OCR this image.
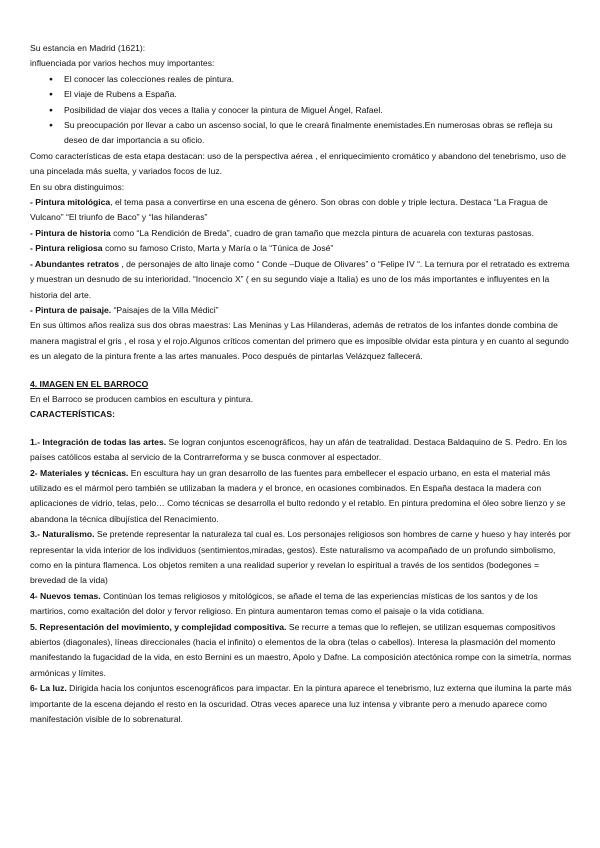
Su estancia en Madrid (1621):

influenciada por varios hechos muy importantes:

● El conocer las colecciones reales de pintura.
● El viaje de Rubens a España.
● Posibilidad de viajar dos veces a Italia y conocer la pintura de Miguel Ángel, Rafael.
● Su preocupación por llevar a cabo un ascenso social, lo que le creará finalmente enemistades.En numerosas obras se refleja su deseo de dar importancia a su oficio.

Como características de esta etapa destacan: uso de la perspectiva aérea , el enriquecimiento cromático y abandono del tenebrismo, uso de una pincelada más suelta, y variados focos de luz.

En su obra distinguimos:

- Pintura mitológica, el tema pasa a convertirse en una escena de género. Son obras con doble y triple lectura. Destaca “La Fragua de Vulcano” “El triunfo de Baco” y “las hilanderas”

- Pintura de historia como “La Rendición de Breda”, cuadro de gran tamaño que mezcla pintura de acuarela con texturas pastosas.

- Pintura religiosa como su famoso Cristo, Marta y María o la “Túnica de José”

- Abundantes retratos , de personajes de alto linaje como “ Conde –Duque de Olivares” o “Felipe IV “. La ternura por el retratado es extrema y muestran un desnudo de su interioridad. “Inocencio X” ( en su segundo viaje a Italia) es uno de los más importantes e influyentes en la historia del arte.

- Pintura de paisaje. “Paisajes de la Villa Médici”

En sus últimos años realiza sus dos obras maestras: Las Meninas y Las Hilanderas, además de retratos de los infantes donde combina de manera magistral el gris , el rosa y el rojo.Algunos críticos comentan del primero que es imposible olvidar esta pintura y en cuanto al segundo es un alegato de la pintura frente a las artes manuales. Poco después de pintarlas Velázquez fallecerá.

4. IMAGEN EN EL BARROCO

En el Barroco se producen cambios en escultura y pintura.

CARACTERÍSTICAS:

1.- Integración de todas las artes. Se logran conjuntos escenográficos, hay un afán de teatralidad. Destaca Baldaquino de S. Pedro. En los países católicos estaba al servicio de la Contrarreforma y se busca conmover al espectador.

2- Materiales y técnicas. En escultura hay un gran desarrollo de las fuentes para embellecer el espacio urbano, en esta el material más utilizado es el mármol pero también se utilizaban la madera y el bronce, en ocasiones combinados. En España destaca la madera con aplicaciones de vidrio, telas, pelo… Como técnicas se desarrolla el bulto redondo y el retablo. En pintura predomina el óleo sobre lienzo y se abandona la técnica dibujística del Renacimiento.

3.- Naturalismo. Se pretende representar la naturaleza tal cual es. Los personajes religiosos son hombres de carne y hueso y hay interés por representar la vida interior de los individuos (sentimientos,miradas, gestos). Este naturalismo va acompañado de un profundo simbolismo, como en la pintura flamenca. Los objetos remiten a una realidad superior y revelan lo espiritual a través de los sentidos (bodegones = brevedad de la vida)

4- Nuevos temas. Continúan los temas religiosos y mitológicos, se añade el tema de las experiencias místicas de los santos y de los martirios, como exaltación del dolor y fervor religioso. En pintura aumentaron temas como el paisaje o la vida cotidiana.

5. Representación del movimiento, y complejidad compositiva. Se recurre a temas que lo reflejen, se utilizan esquemas compositivos abiertos (diagonales), líneas direccionales (hacia el infinito) o elementos de la obra (telas o cabellos). Interesa la plasmación del momento manifestando la fugacidad de la vida, en esto Bernini es un maestro, Apolo y Dafne. La composición atectónica rompe con la simetría, normas armónicas y límites.

6- La luz. Dirigida hacia los conjuntos escenográficos para impactar. En la pintura aparece el tenebrismo, luz externa que ilumina la parte más importante de la escena dejando el resto en la oscuridad. Otras veces aparece una luz intensa y vibrante pero a menudo aparece como manifestación visible de lo sobrenatural.
